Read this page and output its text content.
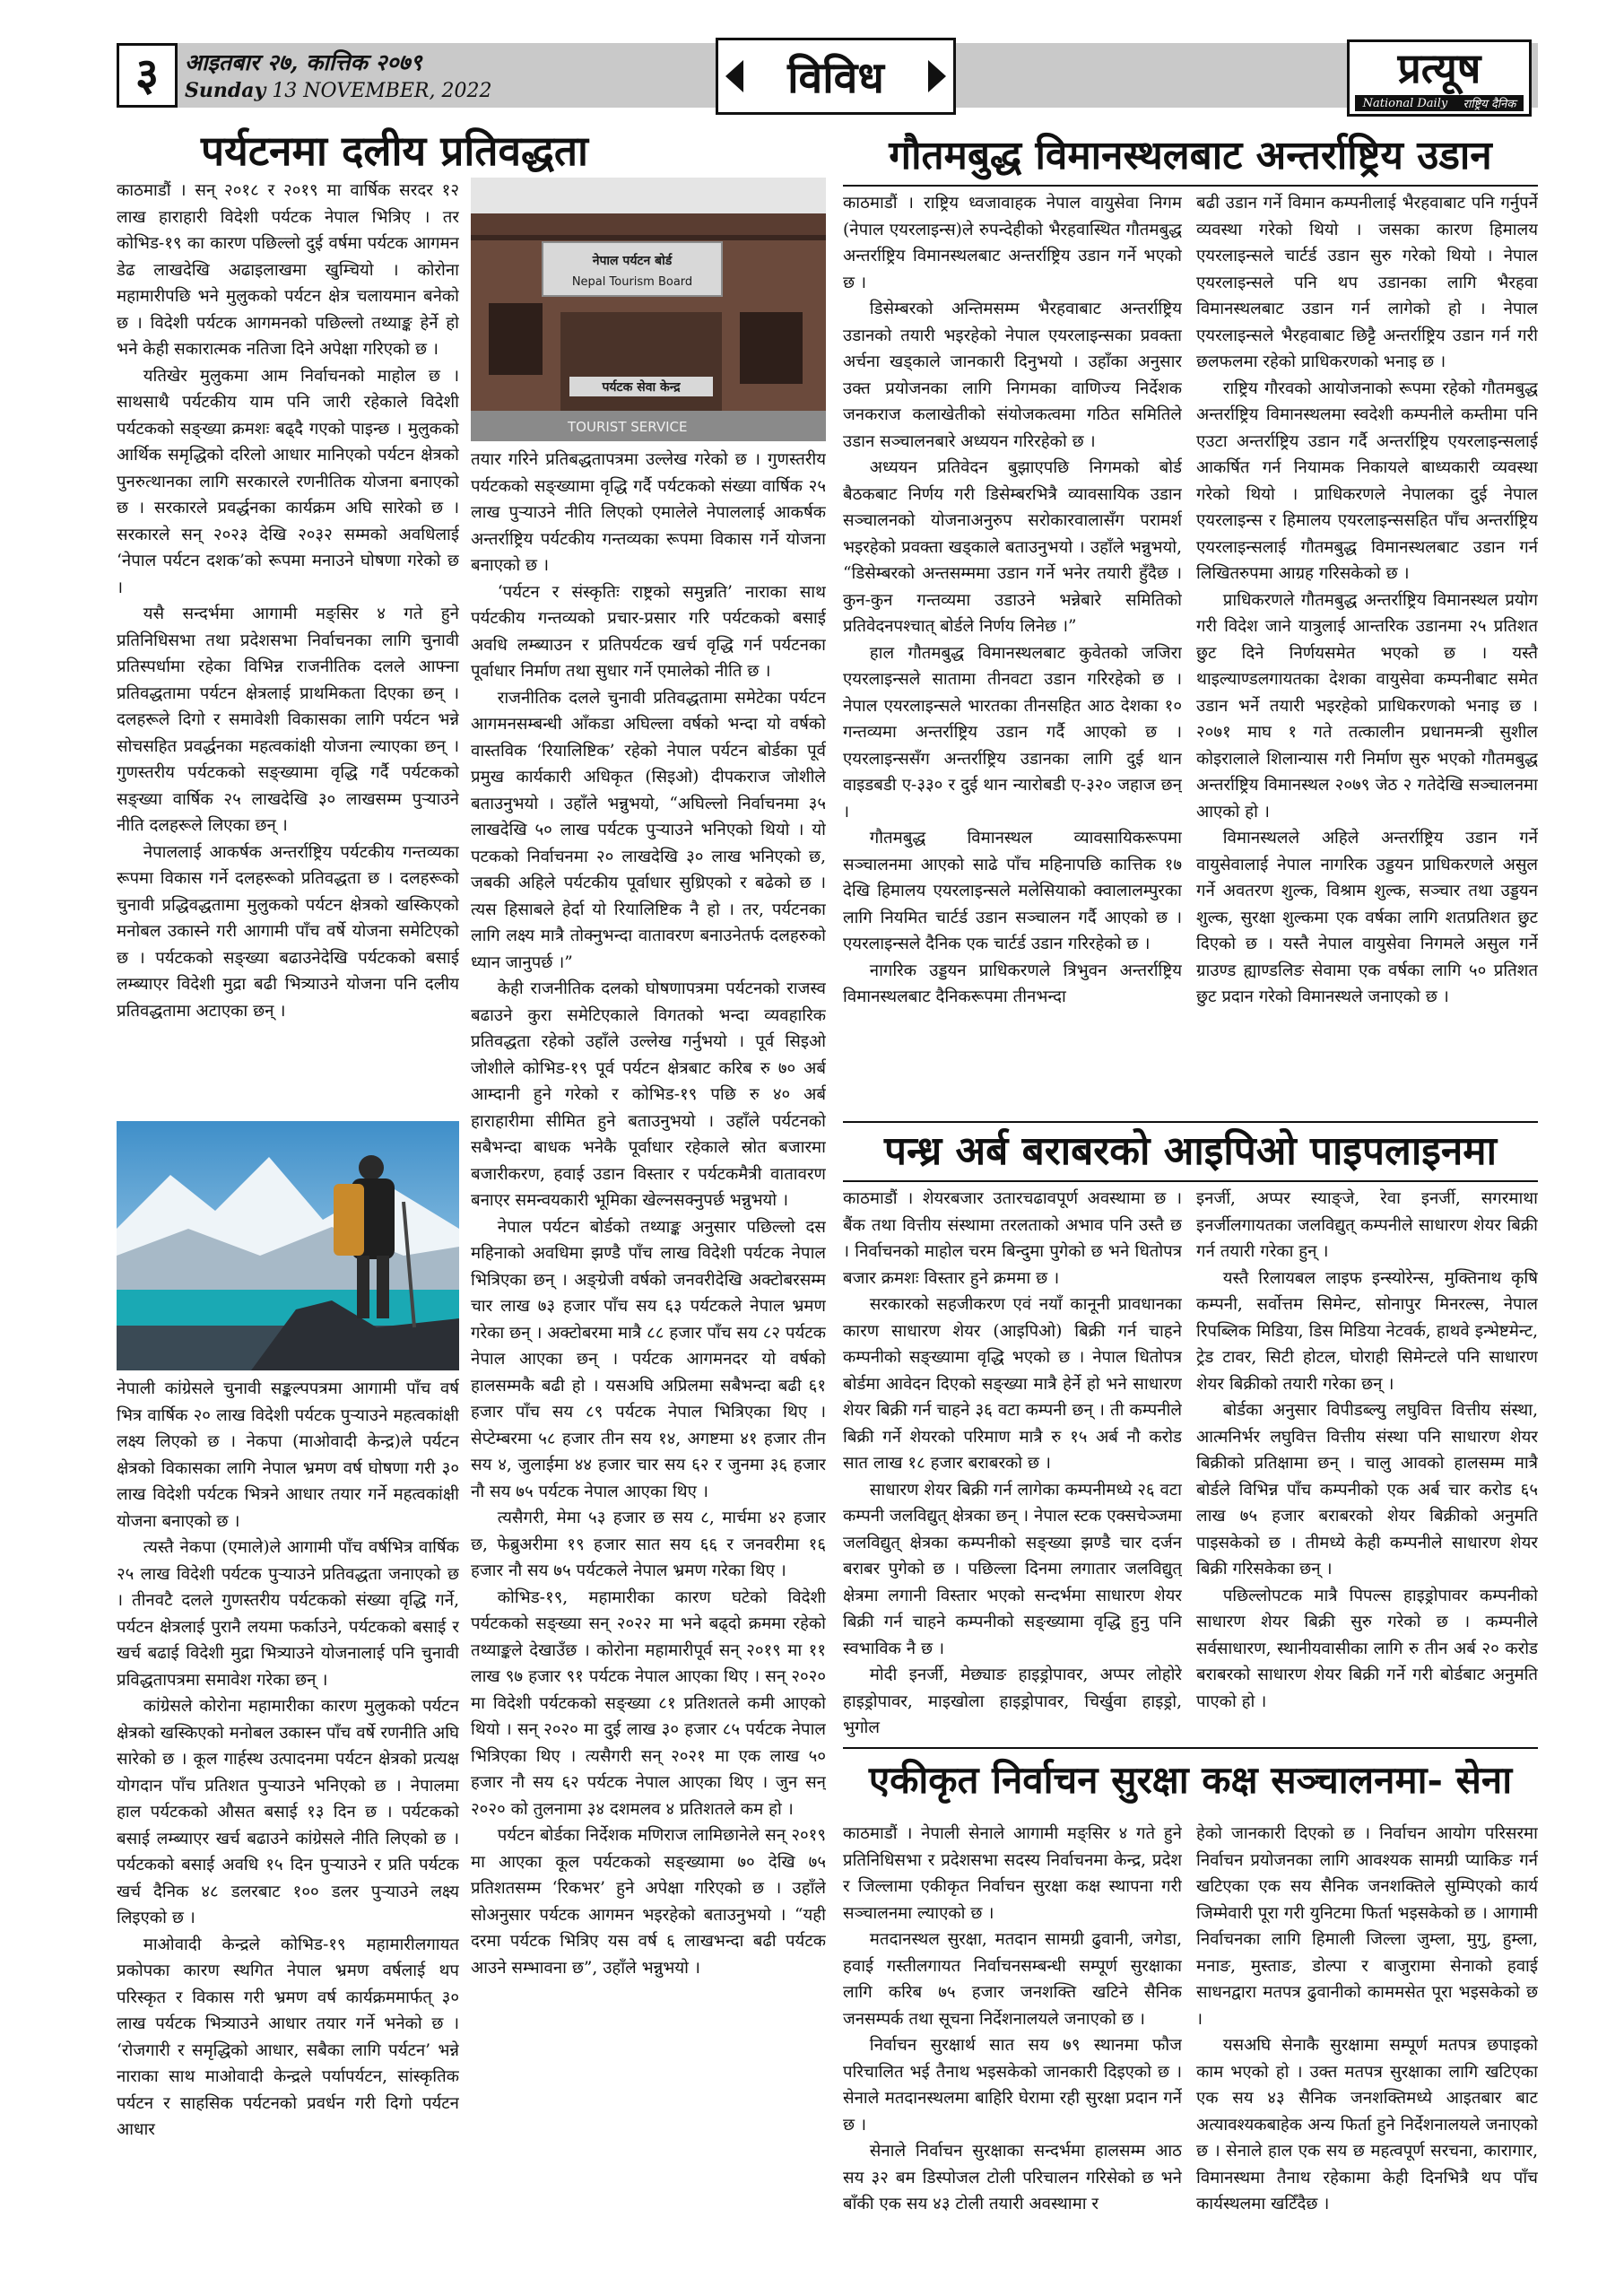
३	आइतबार २७, कात्तिक २०७९
Sunday 13 NOVEMBER, 2022	विविध	प्रत्यूष
National Daily राष्ट्रिय दैनिक
पर्यटनमा दलीय प्रतिवद्धता

काठमाडौं । सन् २०१८ र २०१९ मा वार्षिक सरदर १२ लाख हाराहारी विदेशी पर्यटक नेपाल भित्रिए । तर कोभिड-१९ का कारण पछिल्लो दुई वर्षमा पर्यटक आगमन डेढ लाखदेखि अढाइलाखमा खुम्चियो । कोरोना महामारीपछि भने मुलुकको पर्यटन क्षेत्र चलायमान बनेको छ । विदेशी पर्यटक आगमनको पछिल्लो तथ्याङ्क हेर्ने हो भने केही सकारात्मक नतिजा दिने अपेक्षा गरिएको छ ।

यतिखेर मुलुकमा आम निर्वाचनको माहोल छ । साथसाथै पर्यटकीय याम पनि जारी रहेकाले विदेशी पर्यटकको सङ्ख्या क्रमशः बढ्दै गएको पाइन्छ । मुलुकको आर्थिक समृद्धिको दरिलो आधार मानिएको पर्यटन क्षेत्रको पुनरुत्थानका लागि सरकारले रणनीतिक योजना बनाएको छ । सरकारले प्रवर्द्धनका कार्यक्रम अघि सारेको छ । सरकारले सन् २०२३ देखि २०३२ सम्मको अवधिलाई ‘नेपाल पर्यटन दशक’को रूपमा मनाउने घोषणा गरेको छ ।

यसै सन्दर्भमा आगामी मङ्सिर ४ गते हुने प्रतिनिधिसभा तथा प्रदेशसभा निर्वाचनका लागि चुनावी प्रतिस्पर्धामा रहेका विभिन्न राजनीतिक दलले आफ्ना प्रतिवद्धतामा पर्यटन क्षेत्रलाई प्राथमिकता दिएका छन् । दलहरूले दिगो र समावेशी विकासका लागि पर्यटन भन्ने सोचसहित प्रवर्द्धनका महत्वकांक्षी योजना ल्याएका छन् । गुणस्तरीय पर्यटकको सङ्ख्यामा वृद्धि गर्दै पर्यटकको सङ्ख्या वार्षिक २५ लाखदेखि ३० लाखसम्म पुऱ्याउने नीति दलहरूले लिएका छन् ।

नेपाललाई आकर्षक अन्तर्राष्ट्रिय पर्यटकीय गन्तव्यका रूपमा विकास गर्ने दलहरूको प्रतिवद्धता छ । दलहरूको चुनावी प्रद्धिवद्धतामा मुलुकको पर्यटन क्षेत्रको खस्किएको मनोबल उकास्ने गरी आगामी पाँच वर्षे योजना समेटिएको छ । पर्यटकको सङ्ख्या बढाउनेदेखि पर्यटकको बसाई लम्ब्याएर विदेशी मुद्रा बढी भित्र्याउने योजना पनि दलीय प्रतिवद्धतामा अटाएका छन् ।

नेपाल पर्यटन बोर्ड
Nepal Tourism Board
पर्यटक सेवा केन्द्र
TOURIST SERVICE

तयार गरिने प्रतिबद्धतापत्रमा उल्लेख गरेको छ । गुणस्तरीय पर्यटकको सङ्ख्यामा वृद्धि गर्दै पर्यटकको संख्या वार्षिक २५ लाख पुऱ्याउने नीति लिएको एमालेले नेपाललाई आकर्षक अन्तर्राष्ट्रिय पर्यटकीय गन्तव्यका रूपमा विकास गर्ने योजना बनाएको छ ।

‘पर्यटन र संस्कृतिः राष्ट्रको समुन्नति’ नाराका साथ पर्यटकीय गन्तव्यको प्रचार-प्रसार गरि पर्यटकको बसाई अवधि लम्ब्याउन र प्रतिपर्यटक खर्च वृद्धि गर्न पर्यटनका पूर्वाधार निर्माण तथा सुधार गर्ने एमालेको नीति छ ।

राजनीतिक दलले चुनावी प्रतिवद्धतामा समेटेका पर्यटन आगमनसम्बन्धी आँकडा अघिल्ला वर्षको भन्दा यो वर्षको वास्तविक ‘रियालिष्टिक’ रहेको नेपाल पर्यटन बोर्डका पूर्व प्रमुख कार्यकारी अधिकृत (सिइओ) दीपकराज जोशीले बताउनुभयो । उहाँले भन्नुभयो, “अघिल्लो निर्वाचनमा ३५ लाखदेखि ५० लाख पर्यटक पुऱ्याउने भनिएको थियो । यो पटकको निर्वाचनमा २० लाखदेखि ३० लाख भनिएको छ, जबकी अहिले पर्यटकीय पूर्वाधार सुध्रिएको र बढेको छ । त्यस हिसाबले हेर्दा यो रियालिष्टिक नै हो । तर, पर्यटनका लागि लक्ष्य मात्रै तोक्नुभन्दा वातावरण बनाउनेतर्फ दलहरुको ध्यान जानुपर्छ ।”

केही राजनीतिक दलको घोषणापत्रमा पर्यटनको राजस्व बढाउने कुरा समेटिएकाले विगतको भन्दा व्यवहारिक प्रतिवद्धता रहेको उहाँले उल्लेख गर्नुभयो । पूर्व सिइओ जोशीले कोभिड-१९ पूर्व पर्यटन क्षेत्रबाट करिब रु ७० अर्ब आम्दानी हुने गरेको र कोभिड-१९ पछि रु ४० अर्ब हाराहारीमा सीमित हुने बताउनुभयो । उहाँले पर्यटनको सबैभन्दा बाधक भनेकै पूर्वाधार रहेकाले स्रोत बजारमा बजारीकरण, हवाई उडान विस्तार र पर्यटकमैत्री वातावरण बनाएर समन्वयकारी भूमिका खेल्नसक्नुपर्छ भन्नुभयो ।

नेपाल पर्यटन बोर्डको तथ्याङ्क अनुसार पछिल्लो दस महिनाको अवधिमा झण्डै पाँच लाख विदेशी पर्यटक नेपाल भित्रिएका छन् । अङ्ग्रेजी वर्षको जनवरीदेखि अक्टोबरसम्म चार लाख ७३ हजार पाँच सय ६३ पर्यटकले नेपाल भ्रमण गरेका छन् । अक्टोबरमा मात्रै ८८ हजार पाँच सय ८२ पर्यटक नेपाल आएका छन् । पर्यटक आगमनदर यो वर्षको हालसम्मकै बढी हो । यसअघि अप्रिलमा सबैभन्दा बढी ६१ हजार पाँच सय ८९ पर्यटक नेपाल भित्रिएका थिए । सेप्टेम्बरमा ५८ हजार तीन सय १४, अगष्टमा ४१ हजार तीन सय ४, जुलाईमा ४४ हजार चार सय ६२ र जुनमा ३६ हजार नौ सय ७५ पर्यटक नेपाल आएका थिए ।

त्यसैगरी, मेमा ५३ हजार छ सय ८, मार्चमा ४२ हजार छ, फेब्रुअरीमा १९ हजार सात सय ६६ र जनवरीमा १६ हजार नौ सय ७५ पर्यटकले नेपाल भ्रमण गरेका थिए ।

कोभिड-१९, महामारीका कारण घटेको विदेशी पर्यटकको सङ्ख्या सन् २०२२ मा भने बढ्दो क्रममा रहेको तथ्याङ्कले देखाउँछ । कोरोना महामारीपूर्व सन् २०१९ मा ११ लाख ९७ हजार ९१ पर्यटक नेपाल आएका थिए । सन् २०२० मा विदेशी पर्यटकको सङ्ख्या ८१ प्रतिशतले कमी आएको थियो । सन् २०२० मा दुई लाख ३० हजार ८५ पर्यटक नेपाल भित्रिएका थिए । त्यसैगरी सन् २०२१ मा एक लाख ५० हजार नौ सय ६२ पर्यटक नेपाल आएका थिए । जुन सन् २०२० को तुलनामा ३४ दशमलव ४ प्रतिशतले कम हो ।

पर्यटन बोर्डका निर्देशक मणिराज लामिछानेले सन् २०१९ मा आएका कूल पर्यटकको सङ्ख्यामा ७० देखि ७५ प्रतिशतसम्म ‘रिकभर’ हुने अपेक्षा गरिएको छ । उहाँले सोअनुसार पर्यटक आगमन भइरहेको बताउनुभयो । “यही दरमा पर्यटक भित्रिए यस वर्ष ६ लाखभन्दा बढी पर्यटक आउने सम्भावना छ”, उहाँले भन्नुभयो ।

नेपाली कांग्रेसले चुनावी सङ्कल्पपत्रमा आगामी पाँच वर्ष भित्र वार्षिक २० लाख विदेशी पर्यटक पुऱ्याउने महत्वकांक्षी लक्ष्य लिएको छ । नेकपा (माओवादी केन्द्र)ले पर्यटन क्षेत्रको विकासका लागि नेपाल भ्रमण वर्ष घोषणा गरी ३० लाख विदेशी पर्यटक भित्रने आधार तयार गर्ने महत्वकांक्षी योजना बनाएको छ ।

त्यस्तै नेकपा (एमाले)ले आगामी पाँच वर्षभित्र वार्षिक २५ लाख विदेशी पर्यटक पुऱ्याउने प्रतिवद्धता जनाएको छ । तीनवटै दलले गुणस्तरीय पर्यटकको संख्या वृद्धि गर्ने, पर्यटन क्षेत्रलाई पुरानै लयमा फर्काउने, पर्यटकको बसाई र खर्च बढाई विदेशी मुद्रा भित्र्याउने योजनालाई पनि चुनावी प्रविद्धतापत्रमा समावेश गरेका छन् ।

कांग्रेसले कोरोना महामारीका कारण मुलुकको पर्यटन क्षेत्रको खस्किएको मनोबल उकास्न पाँच वर्षे रणनीति अघि सारेको छ । कूल गार्हस्थ उत्पादनमा पर्यटन क्षेत्रको प्रत्यक्ष योगदान पाँच प्रतिशत पुऱ्याउने भनिएको छ । नेपालमा हाल पर्यटकको औसत बसाई १३ दिन छ । पर्यटकको बसाई लम्ब्याएर खर्च बढाउने कांग्रेसले नीति लिएको छ । पर्यटकको बसाई अवधि १५ दिन पुऱ्याउने र प्रति पर्यटक खर्च दैनिक ४८ डलरबाट १०० डलर पुऱ्याउने लक्ष्य लिइएको छ ।

माओवादी केन्द्रले कोभिड-१९ महामारीलगायत प्रकोपका कारण स्थगित नेपाल भ्रमण वर्षलाई थप परिस्कृत र विकास गरी भ्रमण वर्ष कार्यक्रममार्फत् ३० लाख पर्यटक भित्र्याउने आधार तयार गर्ने भनेको छ । ‘रोजगारी र समृद्धिको आधार, सबैका लागि पर्यटन’ भन्ने नाराका साथ माओवादी केन्द्रले पर्यापर्यटन, सांस्कृतिक पर्यटन र साहसिक पर्यटनको प्रवर्धन गरी दिगो पर्यटन आधार

गौतमबुद्ध विमानस्थलबाट अन्तर्राष्ट्रिय उडान

काठमाडौं । राष्ट्रिय ध्वजावाहक नेपाल वायुसेवा निगम (नेपाल एयरलाइन्स)ले रुपन्देहीको भैरहवास्थित गौतमबुद्ध अन्तर्राष्ट्रिय विमानस्थलबाट अन्तर्राष्ट्रिय उडान गर्ने भएको छ ।

डिसेम्बरको अन्तिमसम्म भैरहवाबाट अन्तर्राष्ट्रिय उडानको तयारी भइरहेको नेपाल एयरलाइन्सका प्रवक्ता अर्चना खड्काले जानकारी दिनुभयो । उहाँका अनुसार उक्त प्रयोजनका लागि निगमका वाणिज्य निर्देशक जनकराज कलाखेतीको संयोजकत्वमा गठित समितिले उडान सञ्चालनबारे अध्ययन गरिरहेको छ ।

अध्ययन प्रतिवेदन बुझाएपछि निगमको बोर्ड बैठकबाट निर्णय गरी डिसेम्बरभित्रै व्यावसायिक उडान सञ्चालनको योजनाअनुरुप सरोकारवालासँग परामर्श भइरहेको प्रवक्ता खड्काले बताउनुभयो । उहाँले भन्नुभयो, “डिसेम्बरको अन्तसम्ममा उडान गर्ने भनेर तयारी हुँदैछ । कुन-कुन गन्तव्यमा उडाउने भन्नेबारे समितिको प्रतिवेदनपश्चात् बोर्डले निर्णय लिनेछ ।”

हाल गौतमबुद्ध विमानस्थलबाट कुवेतको जजिरा एयरलाइन्सले सातामा तीनवटा उडान गरिरहेको छ । नेपाल एयरलाइन्सले भारतका तीनसहित आठ देशका १० गन्तव्यमा अन्तर्राष्ट्रिय उडान गर्दै आएको छ । एयरलाइन्ससँग अन्तर्राष्ट्रिय उडानका लागि दुई थान वाइडबडी ए-३३० र दुई थान न्यारोबडी ए-३२० जहाज छन् ।

गौतमबुद्ध विमानस्थल व्यावसायिकरूपमा सञ्चालनमा आएको साढे पाँच महिनापछि कात्तिक १७ देखि हिमालय एयरलाइन्सले मलेसियाको क्वालालम्पुरका लागि नियमित चार्टर्ड उडान सञ्चालन गर्दै आएको छ । एयरलाइन्सले दैनिक एक चार्टर्ड उडान गरिरहेको छ ।

नागरिक उड्डयन प्राधिकरणले त्रिभुवन अन्तर्राष्ट्रिय विमानस्थलबाट दैनिकरूपमा तीनभन्दा

बढी उडान गर्ने विमान कम्पनीलाई भैरहवाबाट पनि गर्नुपर्ने व्यवस्था गरेको थियो । जसका कारण हिमालय एयरलाइन्सले चार्टर्ड उडान सुरु गरेको थियो । नेपाल एयरलाइन्सले पनि थप उडानका लागि भैरहवा विमानस्थलबाट उडान गर्न लागेको हो । नेपाल एयरलाइन्सले भैरहवाबाट छिट्टै अन्तर्राष्ट्रिय उडान गर्न गरी छलफलमा रहेको प्राधिकरणको भनाइ छ ।

राष्ट्रिय गौरवको आयोजनाको रूपमा रहेको गौतमबुद्ध अन्तर्राष्ट्रिय विमानस्थलमा स्वदेशी कम्पनीले कम्तीमा पनि एउटा अन्तर्राष्ट्रिय उडान गर्दै अन्तर्राष्ट्रिय एयरलाइन्सलाई आकर्षित गर्न नियामक निकायले बाध्यकारी व्यवस्था गरेको थियो । प्राधिकरणले नेपालका दुई नेपाल एयरलाइन्स र हिमालय एयरलाइन्ससहित पाँच अन्तर्राष्ट्रिय एयरलाइन्सलाई गौतमबुद्ध विमानस्थलबाट उडान गर्न लिखितरुपमा आग्रह गरिसकेको छ ।

प्राधिकरणले गौतमबुद्ध अन्तर्राष्ट्रिय विमानस्थल प्रयोग गरी विदेश जाने यात्रुलाई आन्तरिक उडानमा २५ प्रतिशत छुट दिने निर्णयसमेत भएको छ । यस्तै थाइल्याण्डलगायतका देशका वायुसेवा कम्पनीबाट समेत उडान भर्ने तयारी भइरहेको प्राधिकरणको भनाइ छ । २०७१ माघ १ गते तत्कालीन प्रधानमन्त्री सुशील कोइरालाले शिलान्यास गरी निर्माण सुरु भएको गौतमबुद्ध अन्तर्राष्ट्रिय विमानस्थल २०७९ जेठ २ गतेदेखि सञ्चालनमा आएको हो ।

विमानस्थलले अहिले अन्तर्राष्ट्रिय उडान गर्ने वायुसेवालाई नेपाल नागरिक उड्डयन प्राधिकरणले असुल गर्ने अवतरण शुल्क, विश्राम शुल्क, सञ्चार तथा उड्डयन शुल्क, सुरक्षा शुल्कमा एक वर्षका लागि शतप्रतिशत छुट दिएको छ । यस्तै नेपाल वायुसेवा निगमले असुल गर्ने ग्राउण्ड ह्याण्डलिङ सेवामा एक वर्षका लागि ५० प्रतिशत छुट प्रदान गरेको विमानस्थले जनाएको छ ।

पन्ध्र अर्ब बराबरको आइपिओ पाइपलाइनमा

काठमाडौं । शेयरबजार उतारचढावपूर्ण अवस्थामा छ । बैंक तथा वित्तीय संस्थामा तरलताको अभाव पनि उस्तै छ । निर्वाचनको माहोल चरम बिन्दुमा पुगेको छ भने धितोपत्र बजार क्रमशः विस्तार हुने क्रममा छ ।

सरकारको सहजीकरण एवं नयाँ कानूनी प्रावधानका कारण साधारण शेयर (आइपिओ) बिक्री गर्न चाहने कम्पनीको सङ्ख्यामा वृद्धि भएको छ । नेपाल धितोपत्र बोर्डमा आवेदन दिएको सङ्ख्या मात्रै हेर्ने हो भने साधारण शेयर बिक्री गर्न चाहने ३६ वटा कम्पनी छन् । ती कम्पनीले बिक्री गर्ने शेयरको परिमाण मात्रै रु १५ अर्ब नौ करोड सात लाख १८ हजार बराबरको छ ।

साधारण शेयर बिक्री गर्न लागेका कम्पनीमध्ये २६ वटा कम्पनी जलविद्युत् क्षेत्रका छन् । नेपाल स्टक एक्सचेञ्जमा जलविद्युत् क्षेत्रका कम्पनीको सङ्ख्या झण्डै चार दर्जन बराबर पुगेको छ । पछिल्ला दिनमा लगातार जलविद्युत् क्षेत्रमा लगानी विस्तार भएको सन्दर्भमा साधारण शेयर बिक्री गर्न चाहने कम्पनीको सङ्ख्यामा वृद्धि हुनु पनि स्वभाविक नै छ ।

मोदी इनर्जी, मेछ्याङ हाइड्रोपावर, अप्पर लोहोरे हाइड्रोपावर, माइखोला हाइड्रोपावर, चिर्खुवा हाइड्रो, भुगोल

इनर्जी, अप्पर स्याङ्जे, रेवा इनर्जी, सगरमाथा इनर्जीलगायतका जलविद्युत् कम्पनीले साधारण शेयर बिक्री गर्न तयारी गरेका हुन् ।

यस्तै रिलायबल लाइफ इन्स्योरेन्स, मुक्तिनाथ कृषि कम्पनी, सर्वोत्तम सिमेन्ट, सोनापुर मिनरल्स, नेपाल रिपब्लिक मिडिया, डिस मिडिया नेटवर्क, हाथवे इन्भेष्टमेन्ट, ट्रेड टावर, सिटी होटल, घोराही सिमेन्टले पनि साधारण शेयर बिक्रीको तयारी गरेका छन् ।

बोर्डका अनुसार विपीडब्ल्यु लघुवित्त वित्तीय संस्था, आत्मनिर्भर लघुवित्त वित्तीय संस्था पनि साधारण शेयर बिक्रीको प्रतिक्षामा छन् । चालु आवको हालसम्म मात्रै बोर्डले विभिन्न पाँच कम्पनीको एक अर्ब चार करोड ६५ लाख ७५ हजार बराबरको शेयर बिक्रीको अनुमति पाइसकेको छ । तीमध्ये केही कम्पनीले साधारण शेयर बिक्री गरिसकेका छन् ।

पछिल्लोपटक मात्रै पिपल्स हाइड्रोपावर कम्पनीको साधारण शेयर बिक्री सुरु गरेको छ । कम्पनीले सर्वसाधारण, स्थानीयवासीका लागि रु तीन अर्ब २० करोड बराबरको साधारण शेयर बिक्री गर्ने गरी बोर्डबाट अनुमति पाएको हो ।

एकीकृत निर्वाचन सुरक्षा कक्ष सञ्चालनमा- सेना

काठमाडौं । नेपाली सेनाले आगामी मङ्सिर ४ गते हुने प्रतिनिधिसभा र प्रदेशसभा सदस्य निर्वाचनमा केन्द्र, प्रदेश र जिल्लामा एकीकृत निर्वाचन सुरक्षा कक्ष स्थापना गरी सञ्चालनमा ल्याएको छ ।

मतदानस्थल सुरक्षा, मतदान सामग्री ढुवानी, जगेडा, हवाई गस्तीलगायत निर्वाचनसम्बन्धी सम्पूर्ण सुरक्षाका लागि करिब ७५ हजार जनशक्ति खटिने सैनिक जनसम्पर्क तथा सूचना निर्देशनालयले जनाएको छ ।

निर्वाचन सुरक्षार्थ सात सय ७९ स्थानमा फौज परिचालित भई तैनाथ भइसकेको जानकारी दिइएको छ । सेनाले मतदानस्थलमा बाहिरि घेरामा रही सुरक्षा प्रदान गर्ने छ ।

सेनाले निर्वाचन सुरक्षाका सन्दर्भमा हालसम्म आठ सय ३२ बम डिस्पोजल टोली परिचालन गरिसेको छ भने बाँकी एक सय ४३ टोली तयारी अवस्थामा र

हेको जानकारी दिएको छ । निर्वाचन आयोग परिसरमा निर्वाचन प्रयोजनका लागि आवश्यक सामग्री प्याकिङ गर्न खटिएका एक सय सैनिक जनशक्तिले सुम्पिएको कार्य जिम्मेवारी पूरा गरी युनिटमा फिर्ता भइसकेको छ । आगामी निर्वाचनका लागि हिमाली जिल्ला जुम्ला, मुगु, हुम्ला, मनाङ, मुस्ताङ, डोल्पा र बाजुरामा सेनाको हवाई साधनद्वारा मतपत्र ढुवानीको काममसेत पूरा भइसकेको छ ।

यसअघि सेनाकै सुरक्षामा सम्पूर्ण मतपत्र छपाइको काम भएको हो । उक्त मतपत्र सुरक्षाका लागि खटिएका एक सय ४३ सैनिक जनशक्तिमध्ये आइतबार बाट अत्यावश्यकबाहेक अन्य फिर्ता हुने निर्देशनालयले जनाएको छ । सेनाले हाल एक सय छ महत्वपूर्ण सरचना, कारागार, विमानस्थमा तैनाथ रहेकामा केही दिनभित्रै थप पाँच कार्यस्थलमा खटिँदैछ ।
